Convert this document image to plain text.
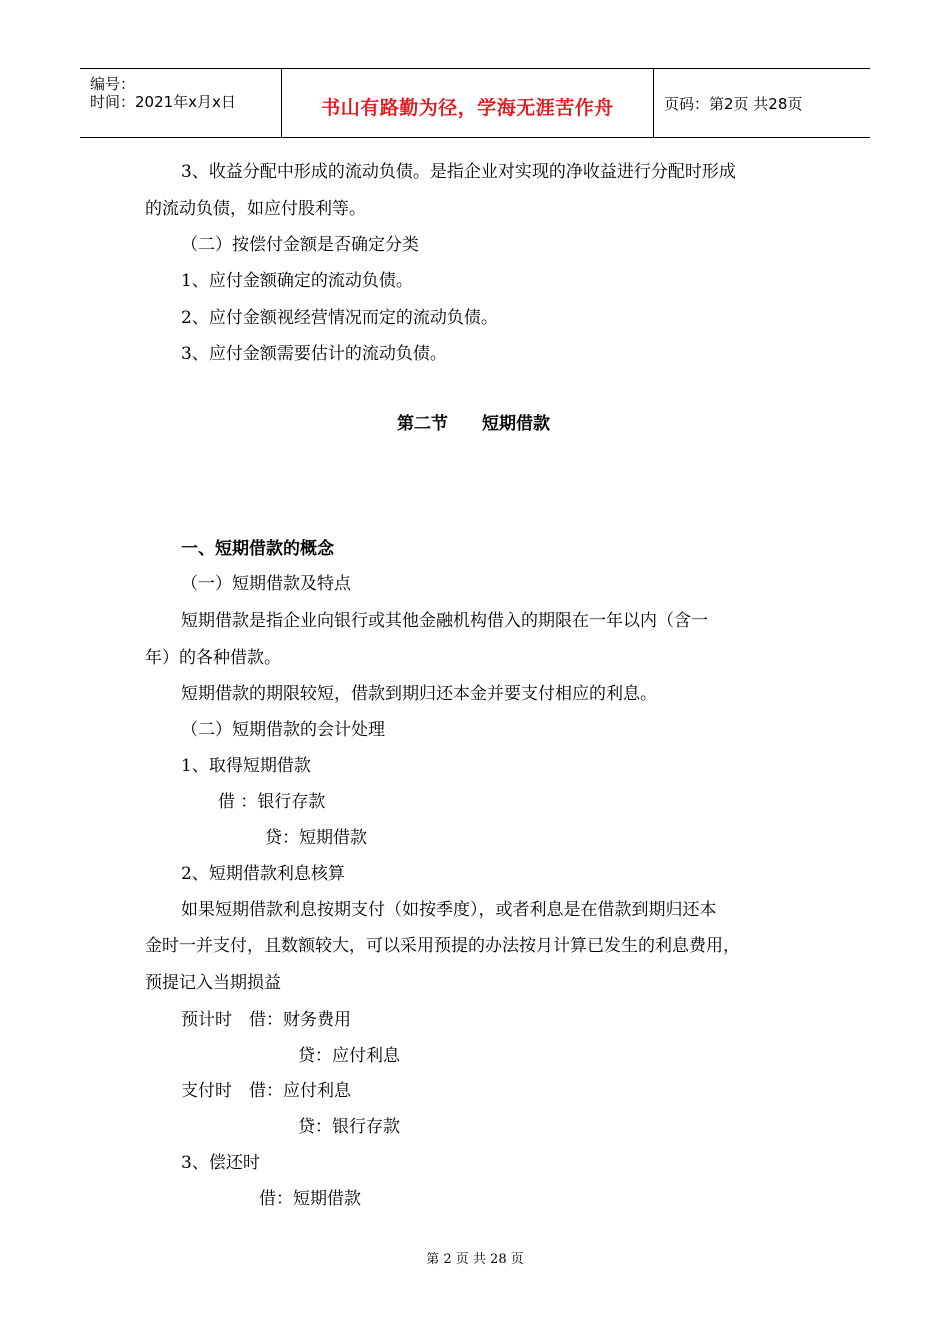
编号：
时间：2021年x月x日	书山有路勤为径，学海无涯苦作舟	页码：第2页 共28页
3、收益分配中形成的流动负债。是指企业对实现的净收益进行分配时形成
的流动负债，如应付股利等。
（二）按偿付金额是否确定分类
1、应付金额确定的流动负债。
2、应付金额视经营情况而定的流动负债。
3、应付金额需要估计的流动负债。
第二节　　短期借款
一、短期借款的概念
（一）短期借款及特点
短期借款是指企业向银行或其他金融机构借入的期限在一年以内（含一
年）的各种借款。
短期借款的期限较短，借款到期归还本金并要支付相应的利息。
（二）短期借款的会计处理
1、取得短期借款
借 ：银行存款
贷：短期借款
2、短期借款利息核算
如果短期借款利息按期支付（如按季度），或者利息是在借款到期归还本
金时一并支付，且数额较大，可以采用预提的办法按月计算已发生的利息费用，
预提记入当期损益
预计时　借：财务费用
贷：应付利息
支付时　借：应付利息
贷：银行存款
3、偿还时
借：短期借款
第 2 页 共 28 页
